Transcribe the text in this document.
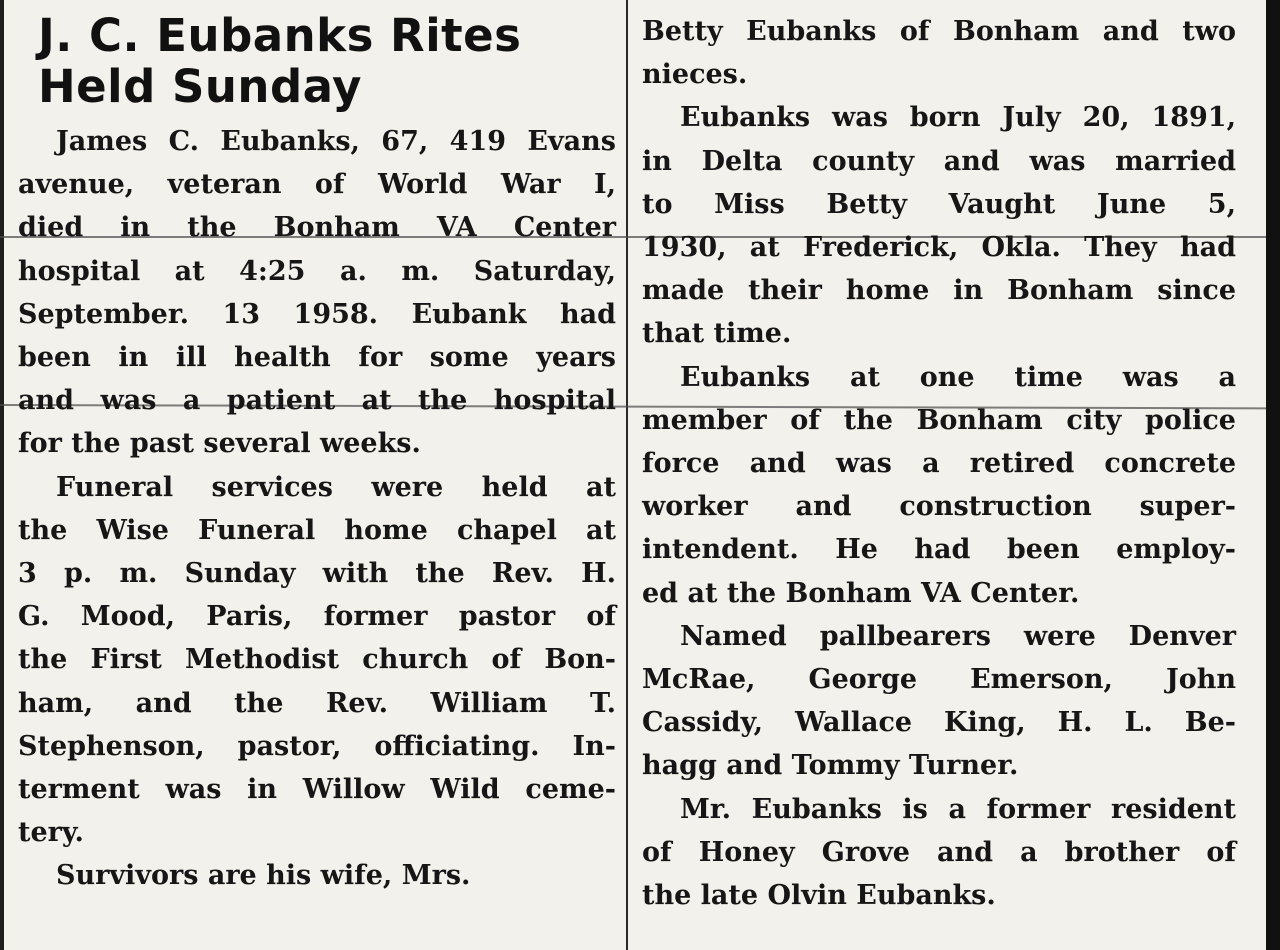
J. C. Eubanks Rites
Held Sunday
James C. Eubanks, 67, 419 Evans
avenue, veteran of World War I,
died in the Bonham VA Center
hospital at 4:25 a. m. Saturday,
September. 13 1958. Eubank had
been in ill health for some years
and was a patient at the hospital
for the past several weeks.
Funeral services were held at
the Wise Funeral home chapel at
3 p. m. Sunday with the Rev. H.
G. Mood, Paris, former pastor of
the First Methodist church of Bon-
ham, and the Rev. William T.
Stephenson, pastor, officiating. In-
terment was in Willow Wild ceme-
tery.
Survivors are his wife, Mrs.
Betty Eubanks of Bonham and two
nieces.
Eubanks was born July 20, 1891,
in Delta county and was married
to Miss Betty Vaught June 5,
1930, at Frederick, Okla. They had
made their home in Bonham since
that time.
Eubanks at one time was a
member of the Bonham city police
force and was a retired concrete
worker and construction super-
intendent. He had been employ-
ed at the Bonham VA Center.
Named pallbearers were Denver
McRae, George Emerson, John
Cassidy, Wallace King, H. L. Be-
hagg and Tommy Turner.
Mr. Eubanks is a former resident
of Honey Grove and a brother of
the late Olvin Eubanks.
